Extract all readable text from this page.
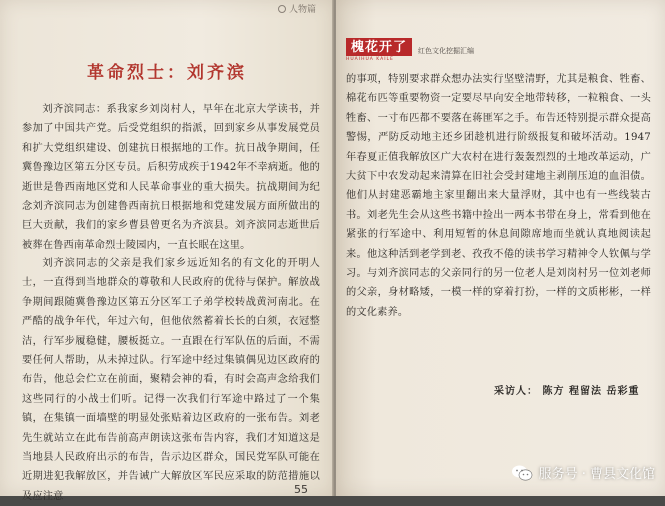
人物篇
革命烈士：刘齐滨

刘齐滨同志：系我家乡刘岗村人，早年在北京大学读书，并参加了中国共产党。后受党组织的指派，回到家乡从事发展党员和扩大党组织建设、创建抗日根据地的工作。抗日战争期间，任冀鲁豫边区第五分区专员。后积劳成疾于1942年不幸病逝。他的逝世是鲁西南地区党和人民革命事业的重大损失。抗战期间为纪念刘齐滨同志为创建鲁西南抗日根据地和党建发展方面所做出的巨大贡献，我们的家乡曹县曾更名为齐滨县。刘齐滨同志逝世后被葬在鲁西南革命烈士陵园内，一直长眠在这里。

刘齐滨同志的父亲是我们家乡远近知名的有文化的开明人士，一直得到当地群众的尊敬和人民政府的优待与保护。解放战争期间跟随冀鲁豫边区第五分区军工子弟学校转战黄河南北。在严酷的战争年代，年过六旬，但他依然蓄着长长的白须，衣冠整洁，行军步履稳健，腰板挺立。一直跟在行军队伍的后面，不需要任何人帮助，从未掉过队。行军途中经过集镇偶见边区政府的布告，他总会伫立在前面，聚精会神的看，有时会高声念给我们这些同行的小战士们听。记得一次我们行军途中路过了一个集镇，在集镇一面墙壁的明显处张贴着边区政府的一张布告。刘老先生就站立在此布告前高声朗读这张布告内容，我们才知道这是当地县人民政府出示的布告，告示边区群众，国民党军队可能在近期进犯我解放区，并告诫广大解放区军民应采取的防范措施以及应注意

55
槐花开了
HUAIHUA KAILE
红色文化挖掘汇编

的事项，特别要求群众想办法实行坚壁清野，尤其是粮食、牲畜、棉花布匹等重要物资一定要尽早向安全地带转移，一粒粮食、一头牲畜、一寸布匹都不要落在蒋匪军之手。布告还特别提示群众提高警惕，严防反动地主还乡团趁机进行阶级报复和破坏活动。1947年春夏正值我解放区广大农村在进行轰轰烈烈的土地改革运动，广大贫下中农发动起来清算在旧社会受封建地主剥削压迫的血泪债。他们从封建恶霸地主家里翻出来大量浮财，其中也有一些线装古书。刘老先生会从这些书籍中捡出一两本书带在身上，常看到他在紧张的行军途中、利用短暂的休息间隙席地而坐就认真地阅读起来。他这种活到老学到老、孜孜不倦的读书学习精神令人钦佩与学习。与刘齐滨同志的父亲同行的另一位老人是刘岗村另一位刘老师的父亲，身材略矮，一模一样的穿着打扮，一样的文质彬彬，一样的文化素养。

采访人： 陈方 程留法 岳彩重
服务号 · 曹县文化馆
